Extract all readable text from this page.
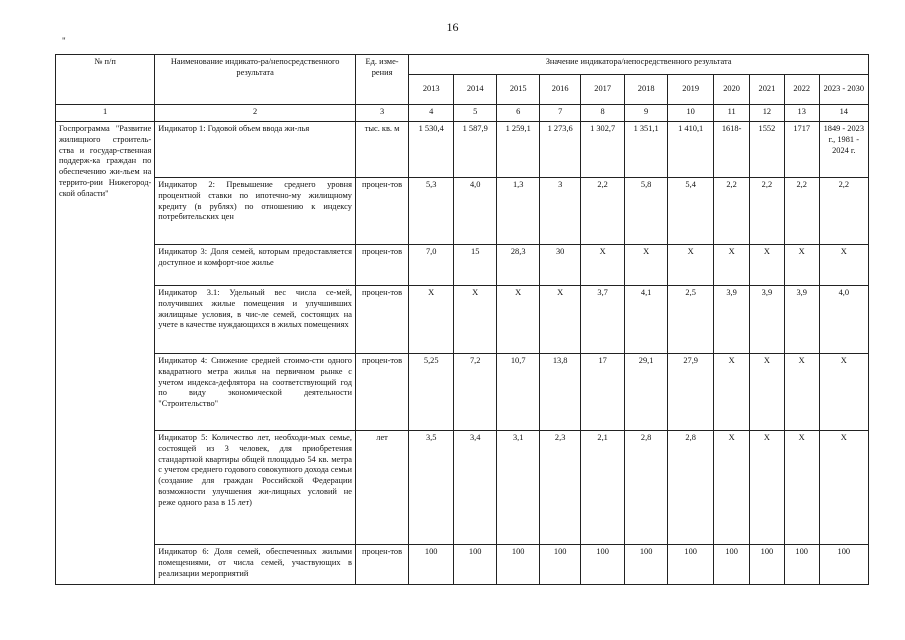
16
"
№ п/п	Наименование индикато-ра/непосредственного результата	Ед. изме-рения	Значение индикатора/непосредственного результата										
			2013	2014	2015	2016	2017	2018	2019	2020	2021	2022	2023 - 2030
1	2	3	4	5	6	7	8	9	10	11	12	13	14
Госпрограмма "Развитие жилищного строитель-ства и государ-ственная поддерж-ка граждан по обеспечению жи-льем на террито-рии Нижегород-ской области"	Индикатор 1: Годовой объем ввода жи-лья	тыс. кв. м	1 530,4	1 587,9	1 259,1	1 273,6	1 302,7	1 351,1	1 410,1	1618-	1552	1717	1849 - 2023 г., 1981 - 2024 г.
	Индикатор 2: Превышение среднего уровня процентной ставки по ипотечно-му жилищному кредиту (в рублях) по отношению к индексу потребительских цен	процен-тов	5,3	4,0	1,3	3	2,2	5,8	5,4	2,2	2,2	2,2	2,2
	Индикатор 3: Доля семей, которым предоставляется доступное и комфорт-ное жилье	процен-тов	7,0	15	28,3	30	X	X	X	X	X	X	X
	Индикатор 3.1: Удельный вес числа се-мей, получивших жилые помещения и улучшивших жилищные условия, в чис-ле семей, состоящих на учете в качестве нуждающихся в жилых помещениях	процен-тов	X	X	X	X	3,7	4,1	2,5	3,9	3,9	3,9	4,0
	Индикатор 4: Снижение средней стоимо-сти одного квадратного метра жилья на первичном рынке с учетом индекса-дефлятора на соответствующий год по виду экономической деятельности "Строительство"	процен-тов	5,25	7,2	10,7	13,8	17	29,1	27,9	X	X	X	X
	Индикатор 5: Количество лет, необходи-мых семье, состоящей из 3 человек, для приобретения стандартной квартиры общей площадью 54 кв. метра с учетом среднего годового совокупного дохода семьи (создание для граждан Российской Федерации возможности улучшения жи-лищных условий не реже одного раза в 15 лет)	лет	3,5	3,4	3,1	2,3	2,1	2,8	2,8	X	X	X	X
	Индикатор 6: Доля семей, обеспеченных жилыми помещениями, от числа семей, участвующих в реализации мероприятий	процен-тов	100	100	100	100	100	100	100	100	100	100	100
